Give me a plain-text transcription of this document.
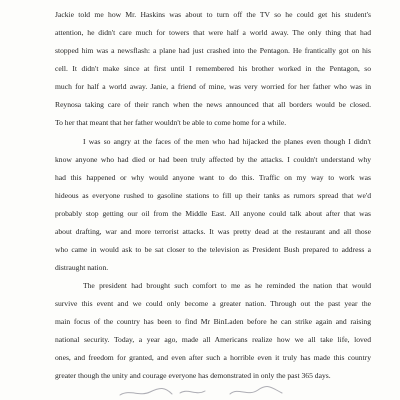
Jackie told me how Mr. Haskins was about to turn off the TV so he could get his student's

attention, he didn't care much for towers that were half a world away. The only thing that had

stopped him was a newsflash: a plane had just crashed into the Pentagon. He frantically got on his

cell. It didn't make since at first until I remembered his brother worked in the Pentagon, so

much for half a world away. Janie, a friend of mine, was very worried for her father who was in

Reynosa taking care of their ranch when the news announced that all borders would be closed.

To her that meant that her father wouldn't be able to come home for a while.

I was so angry at the faces of the men who had hijacked the planes even though I didn't

know anyone who had died or had been truly affected by the attacks. I couldn't understand why

had this happened or why would anyone want to do this. Traffic on my way to work was

hideous as everyone rushed to gasoline stations to fill up their tanks as rumors spread that we'd

probably stop getting our oil from the Middle East. All anyone could talk about after that was

about drafting, war and more terrorist attacks. It was pretty dead at the restaurant and all those

who came in would ask to be sat closer to the television as President Bush prepared to address a

distraught nation.

The president had brought such comfort to me as he reminded the nation that would

survive this event and we could only become a greater nation. Through out the past year the

main focus of the country has been to find Mr BinLaden before he can strike again and raising

national security. Today, a year ago, made all Americans realize how we all take life, loved

ones, and freedom for granted, and even after such a horrible even it truly has made this country

greater though the unity and courage everyone has demonstrated in only the past 365 days.
